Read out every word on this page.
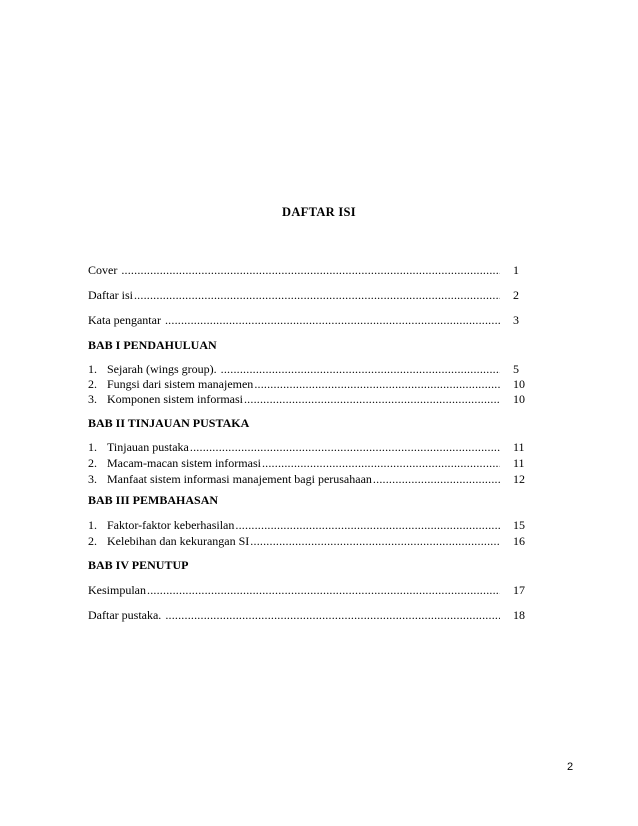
DAFTAR ISI
Cover .....	1
Daftar isi .....	2
Kata pengantar .....	3
BAB I PENDAHULUAN
1. Sejarah (wings group). .....	5
2. Fungsi dari sistem manajemen .....	10
3. Komponen sistem informasi .....	10
BAB II TINJAUAN PUSTAKA
1. Tinjauan pustaka .....	11
2. Macam-macan sistem informasi .....	11
3. Manfaat sistem informasi manajement bagi perusahaan .....	12
BAB III PEMBAHASAN
1. Faktor-faktor keberhasilan .....	15
2. Kelebihan dan kekurangan SI .....	16
BAB IV PENUTUP
Kesimpulan .....	17
Daftar pustaka. .....	18
2
